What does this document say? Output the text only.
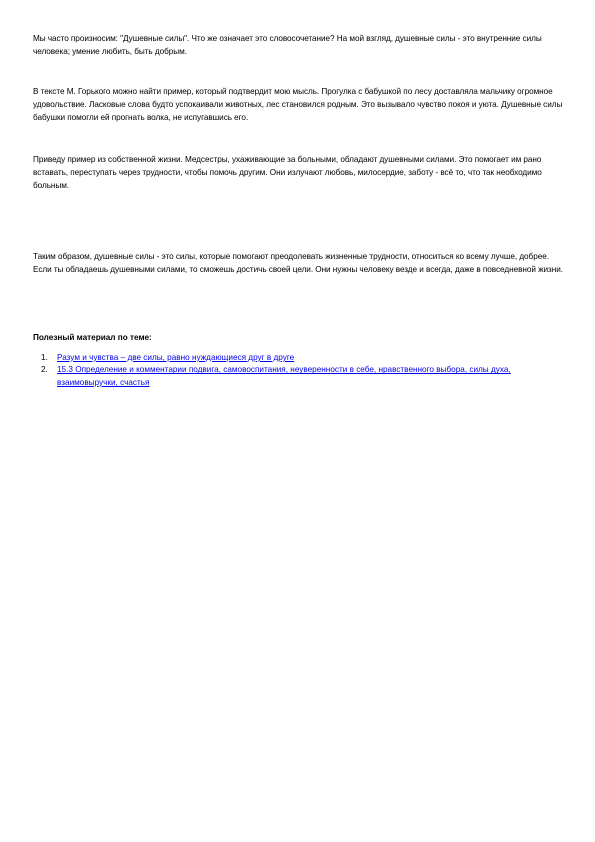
Мы часто произносим: "Душевные силы". Что же означает это словосочетание? На мой взгляд, душевные силы - это внутренние силы человека; умение любить, быть добрым.

В тексте М. Горького можно найти пример, который подтвердит мою мысль. Прогулка с бабушкой по лесу доставляла мальчику огромное удовольствие. Ласковые слова будто успокаивали животных, лес становился родным. Это вызывало чувство покоя и уюта. Душевные силы бабушки помогли ей прогнать волка, не испугавшись его.

Приведу пример из собственной жизни. Медсестры, ухаживающие за больными, обладают душевными силами. Это помогает им рано вставать, переступать через трудности, чтобы помочь другим. Они излучают любовь, милосердие, заботу - всё то, что так необходимо больным.

Таким образом, душевные силы - это силы, которые помогают преодолевать жизненные трудности, относиться ко всему лучше, добрее. Если ты обладаешь душевными силами, то сможешь достичь своей цели. Они нужны человеку везде и всегда, даже в повседневной жизни.

Полезный материал по теме:

1. Разум и чувства – две силы, равно нуждающиеся друг в друге
2. 15.3 Определение и комментарии подвига, самовоспитания, неуверенности в себе, нравственного выбора, силы духа, взаимовыручки, счастья
